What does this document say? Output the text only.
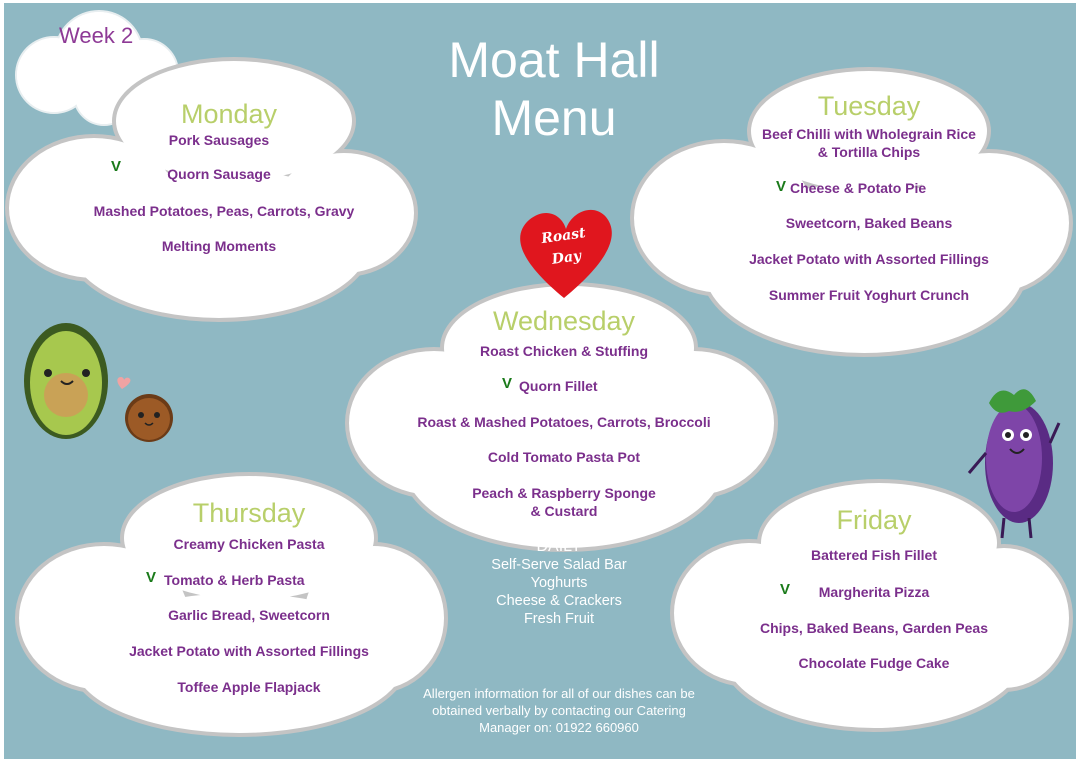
Moat Hall
Menu
Week 2
Roast
Day
Monday
Pork Sausages
V	Quorn Sausage
Mashed Potatoes, Peas, Carrots, Gravy
Melting Moments
Tuesday
Beef Chilli with Wholegrain Rice
& Tortilla Chips
V Cheese & Potato Pie
Sweetcorn, Baked Beans
Jacket Potato with Assorted Fillings
Summer Fruit Yoghurt Crunch
Wednesday
Roast Chicken & Stuffing
V Quorn Fillet
Roast & Mashed Potatoes, Carrots, Broccoli
Cold Tomato Pasta Pot
Peach & Raspberry Sponge
& Custard
Thursday
Creamy Chicken Pasta
V Tomato & Herb Pasta
Garlic Bread, Sweetcorn
Jacket Potato with Assorted Fillings
Toffee Apple Flapjack
Friday
Battered Fish Fillet
V	Margherita Pizza
Chips, Baked Beans, Garden Peas
Chocolate Fudge Cake
DAILY
Self-Serve Salad Bar
Yoghurts
Cheese & Crackers
Fresh Fruit
Allergen information for all of our dishes can be
obtained verbally by contacting our Catering
Manager on: 01922 660960
